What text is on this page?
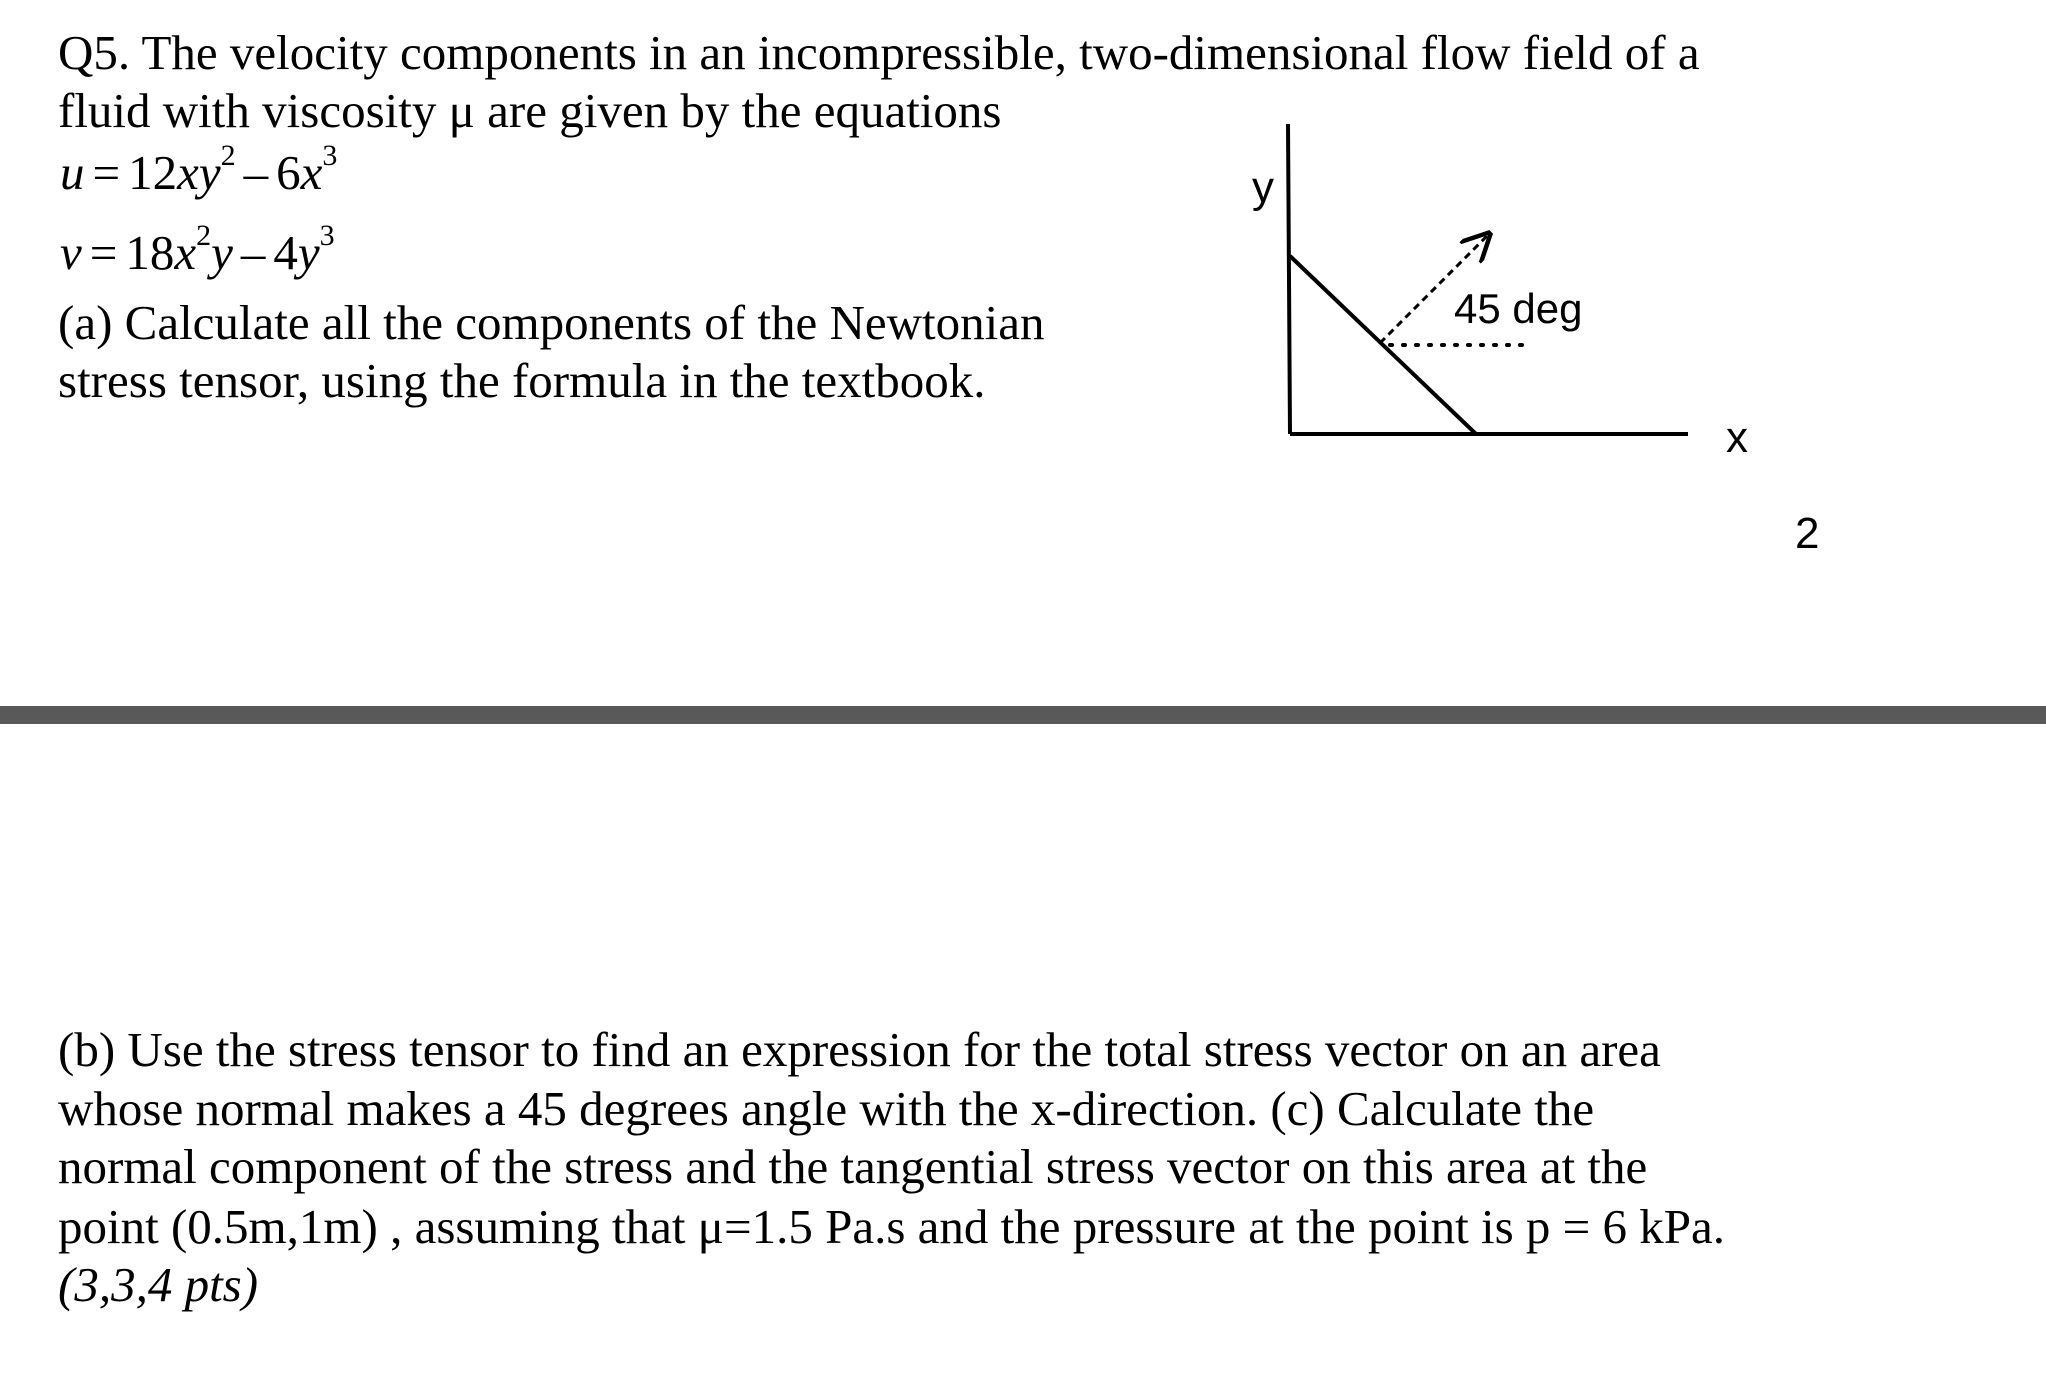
Q5. The velocity components in an incompressible, two-dimensional flow field of a
fluid with viscosity μ are given by the equations
$u = 12xy^2 - 6x^3$
$v = 18x^2y - 4y^3$
(a) Calculate all the components of the Newtonian
stress tensor, using the formula in the textbook.
y
x
45 deg
2
(b) Use the stress tensor to find an expression for the total stress vector on an area
whose normal makes a 45 degrees angle with the x-direction. (c) Calculate the
normal component of the stress and the tangential stress vector on this area at the
point (0.5m,1m) , assuming that μ=1.5 Pa.s and the pressure at the point is p = 6 kPa.
(3,3,4 pts)
